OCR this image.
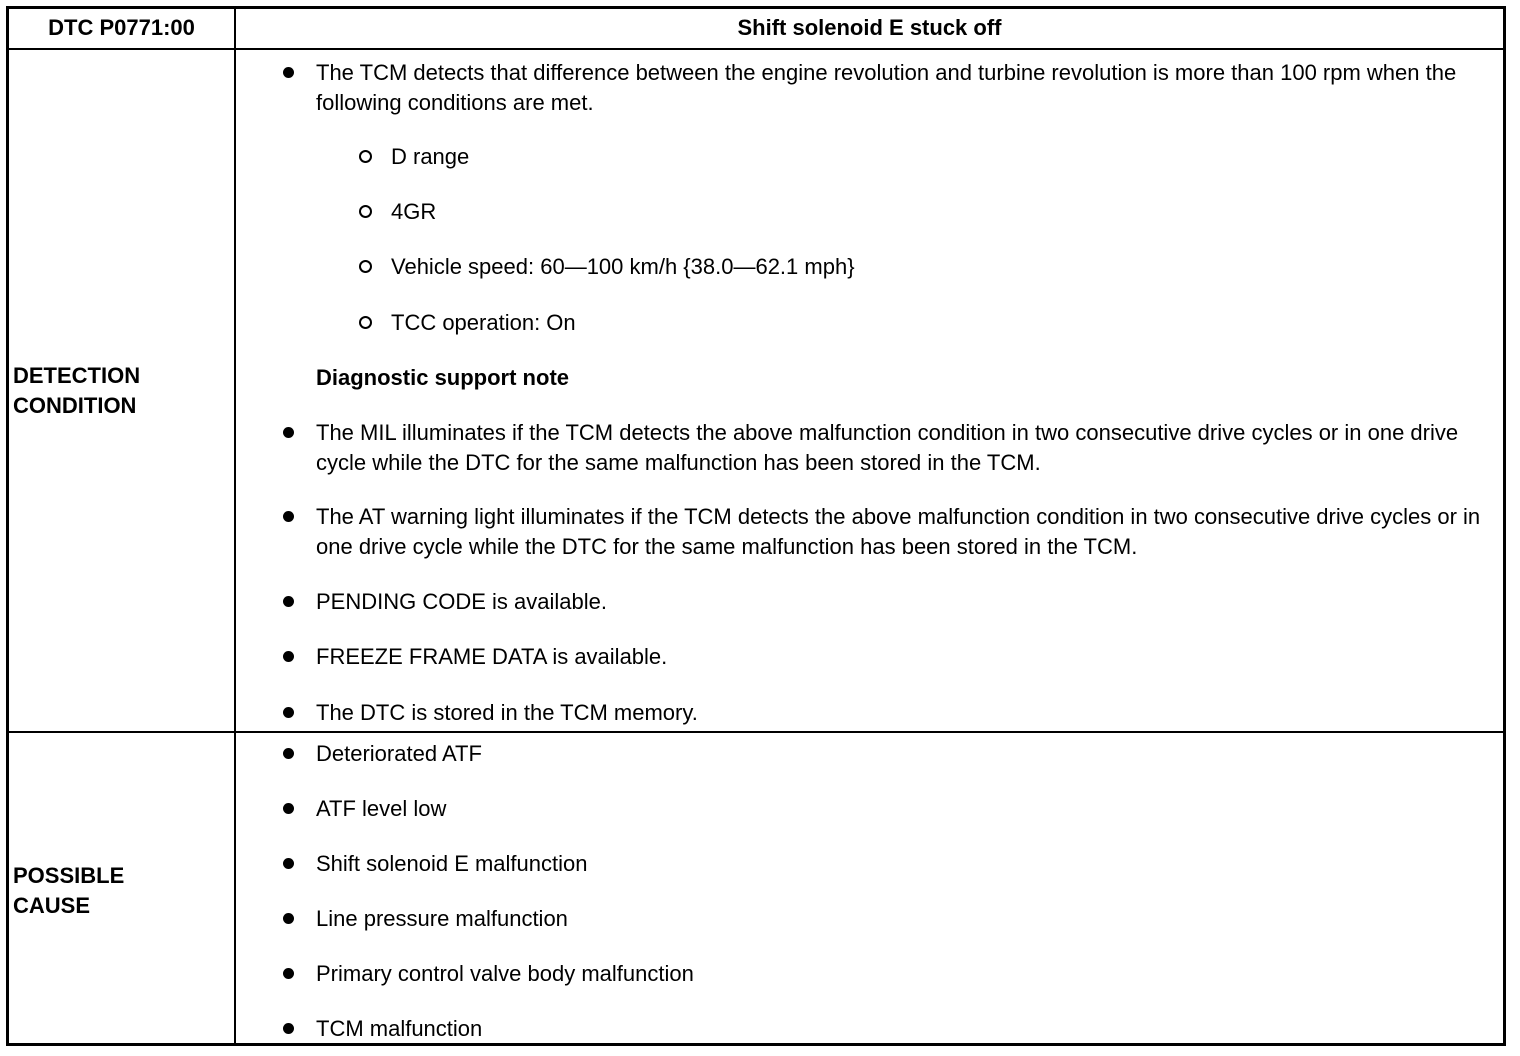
DTC P0771:00	Shift solenoid E stuck off
DETECTION
CONDITION
The TCM detects that difference between the engine revolution and turbine revolution is more than 100 rpm when the following conditions are met.
D range
4GR
Vehicle speed: 60—100 km/h {38.0—62.1 mph}
TCC operation: On
Diagnostic support note
The MIL illuminates if the TCM detects the above malfunction condition in two consecutive drive cycles or in one drive cycle while the DTC for the same malfunction has been stored in the TCM.
The AT warning light illuminates if the TCM detects the above malfunction condition in two consecutive drive cycles or in one drive cycle while the DTC for the same malfunction has been stored in the TCM.
PENDING CODE is available.
FREEZE FRAME DATA is available.
The DTC is stored in the TCM memory.
POSSIBLE
CAUSE
Deteriorated ATF
ATF level low
Shift solenoid E malfunction
Line pressure malfunction
Primary control valve body malfunction
TCM malfunction
